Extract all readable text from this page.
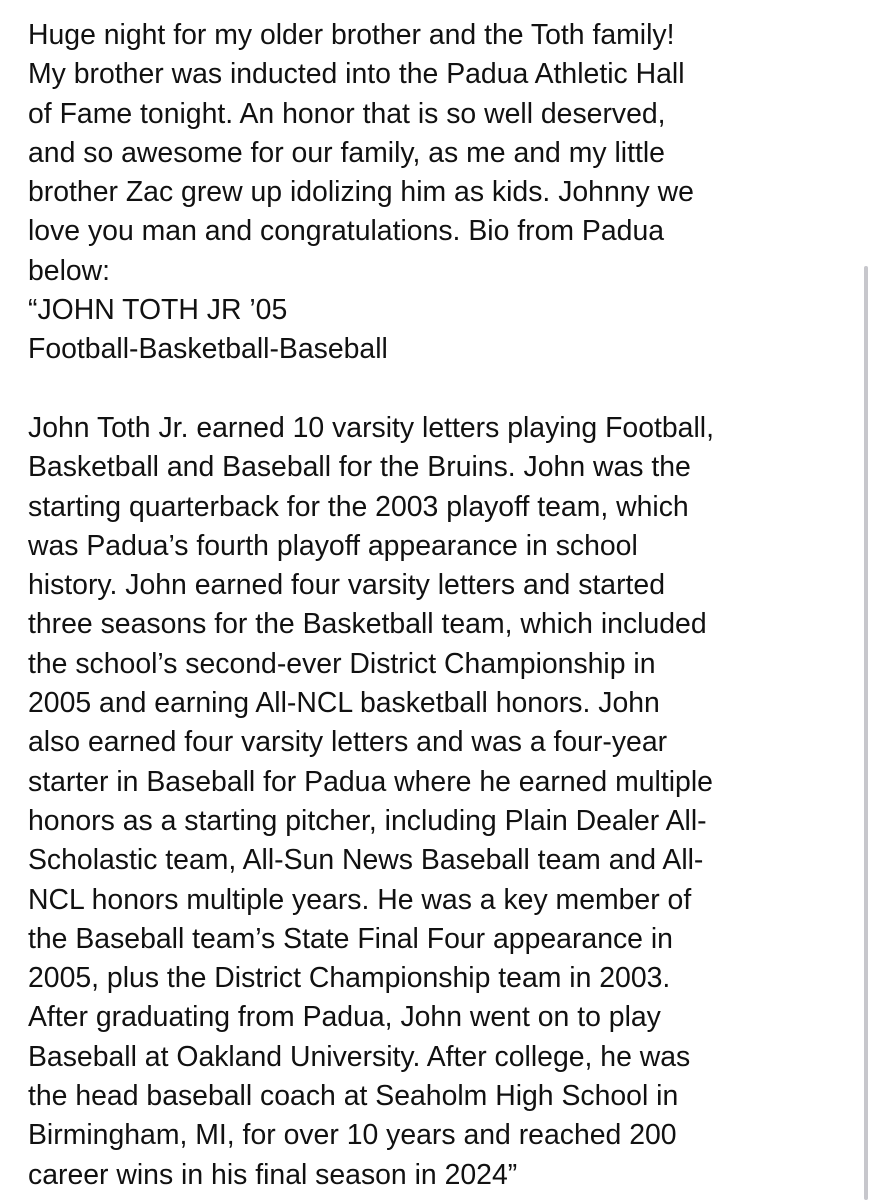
Huge night for my older brother and the Toth family!
My brother was inducted into the Padua Athletic Hall
of Fame tonight. An honor that is so well deserved,
and so awesome for our family, as me and my little
brother Zac grew up idolizing him as kids. Johnny we
love you man and congratulations. Bio from Padua
below:
“JOHN TOTH JR ’05
Football-Basketball-Baseball
John Toth Jr. earned 10 varsity letters playing Football,
Basketball and Baseball for the Bruins. John was the
starting quarterback for the 2003 playoff team, which
was Padua’s fourth playoff appearance in school
history. John earned four varsity letters and started
three seasons for the Basketball team, which included
the school’s second-ever District Championship in
2005 and earning All-NCL basketball honors. John
also earned four varsity letters and was a four-year
starter in Baseball for Padua where he earned multiple
honors as a starting pitcher, including Plain Dealer All-
Scholastic team, All-Sun News Baseball team and All-
NCL honors multiple years. He was a key member of
the Baseball team’s State Final Four appearance in
2005, plus the District Championship team in 2003.
After graduating from Padua, John went on to play
Baseball at Oakland University. After college, he was
the head baseball coach at Seaholm High School in
Birmingham, MI, for over 10 years and reached 200
career wins in his final season in 2024”
